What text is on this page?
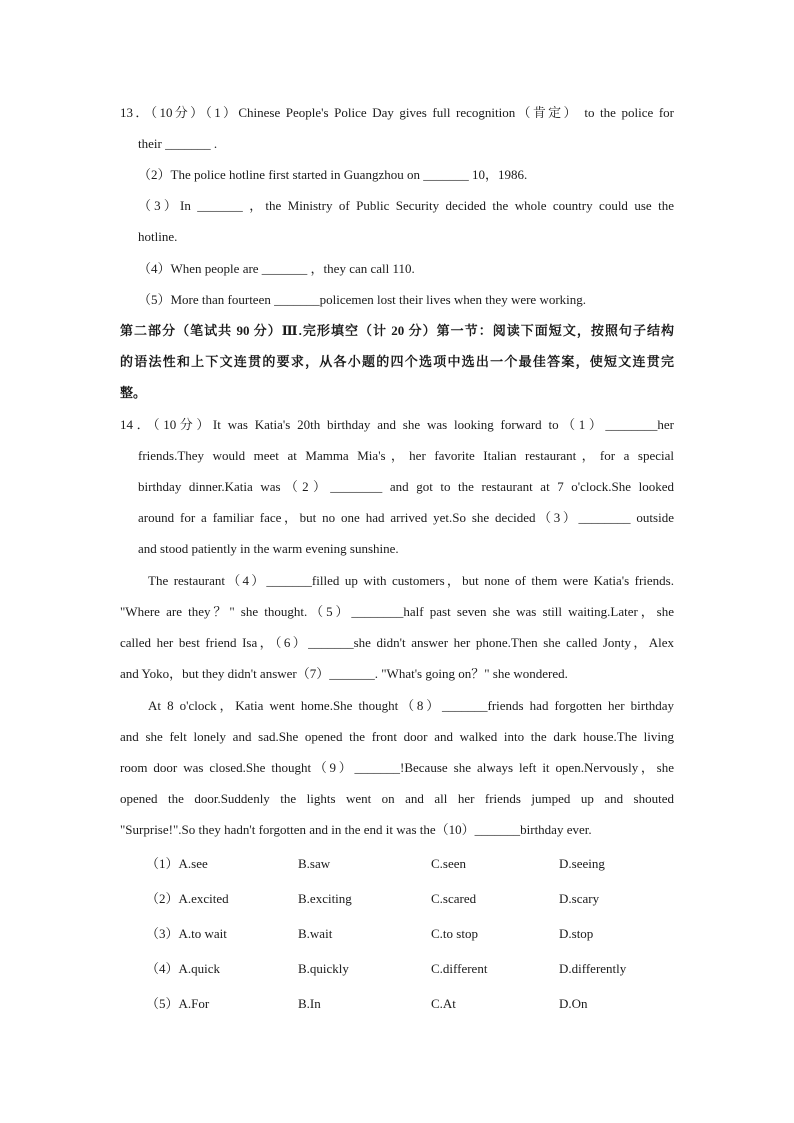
13．（10分）（1）Chinese People's Police Day gives full recognition（肯定） to the police for
their _______ .
（2）The police hotline first started in Guangzhou on _______ 10，1986.
（3）In _______ ，the Ministry of Public Security decided the whole country could use the
hotline.
（4）When people are _______ ，they can call 110.
（5）More than fourteen _______policemen lost their lives when they were working.
第二部分（笔试共 90 分）Ⅲ.完形填空（计 20 分）第一节：阅读下面短文，按照句子结构
的语法性和上下文连贯的要求，从各小题的四个选项中选出一个最佳答案，使短文连贯完
整。
14．（10分）It was Katia's 20th birthday and she was looking forward to（1）________her
friends.They would meet at Mamma Mia's，her favorite Italian restaurant，for a special
birthday dinner.Katia was（2）________ and got to the restaurant at 7 o'clock.She looked
around for a familiar face，but no one had arrived yet.So she decided（3）________ outside
and stood patiently in the warm evening sunshine.
The restaurant（4）_______filled up with customers，but none of them were Katia's friends.
"Where are they？" she thought.（5）________half past seven she was still waiting.Later，she
called her best friend Isa，（6）_______she didn't answer her phone.Then she called Jonty，Alex
and Yoko，but they didn't answer（7）_______. "What's going on？" she wondered.
At 8 o'clock，Katia went home.She thought（8）_______friends had forgotten her birthday
and she felt lonely and sad.She opened the front door and walked into the dark house.The living
room door was closed.She thought（9）_______!Because she always left it open.Nervously，she
opened the door.Suddenly the lights went on and all her friends jumped up and shouted
"Surprise!".So they hadn't forgotten and in the end it was the（10）_______birthday ever.
（1）A.see	B.saw	C.seen	D.seeing
（2）A.excited	B.exciting	C.scared	D.scary
（3）A.to wait	B.wait	C.to stop	D.stop
（4）A.quick	B.quickly	C.different	D.differently
（5）A.For	B.In	C.At	D.On
